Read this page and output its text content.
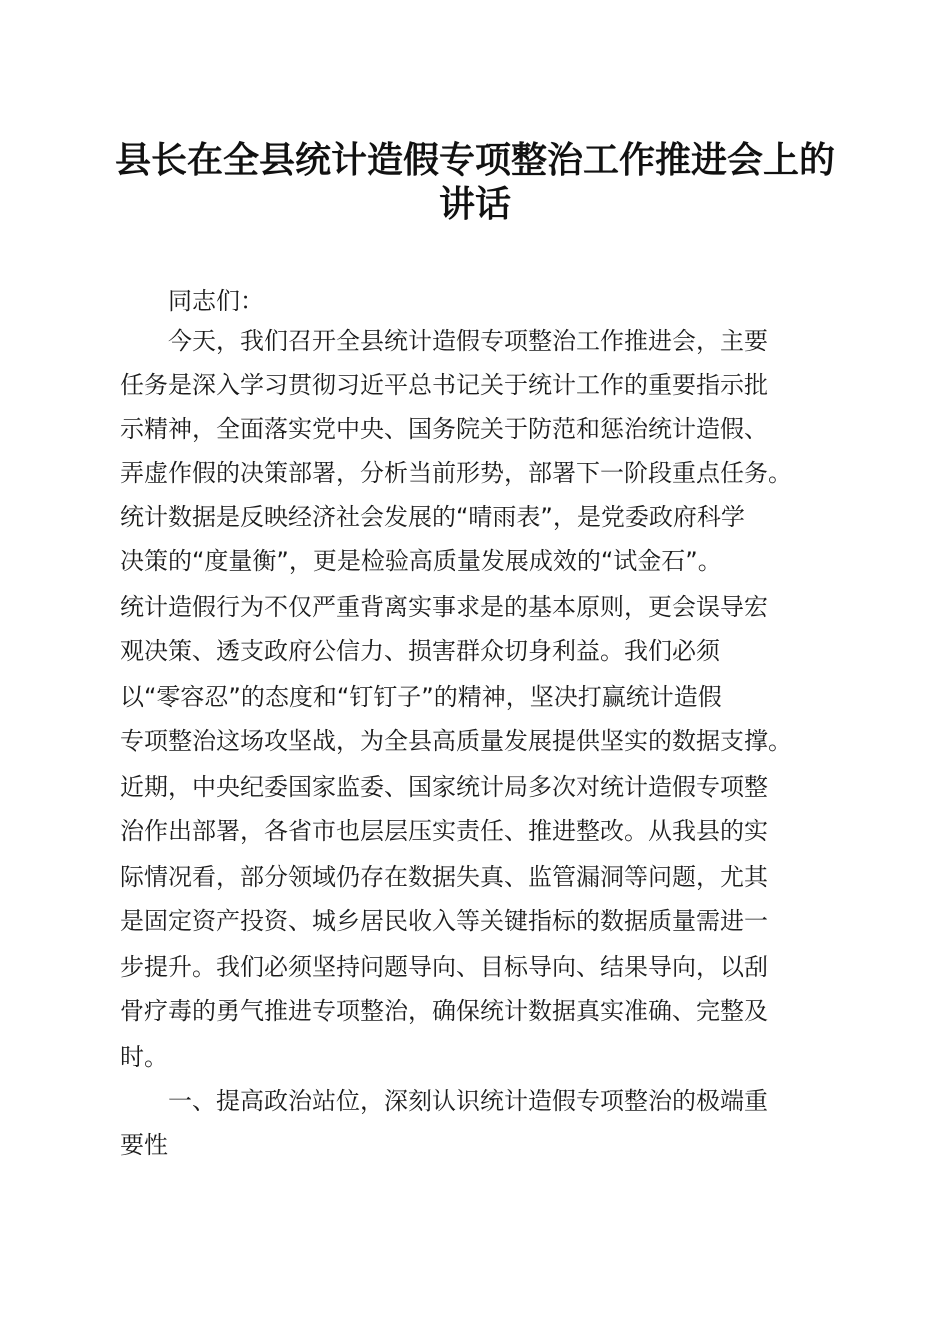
县长在全县统计造假专项整治工作推进会上的
讲话
同志们：
今天，我们召开全县统计造假专项整治工作推进会，主要
任务是深入学习贯彻习近平总书记关于统计工作的重要指示批
示精神，全面落实党中央、国务院关于防范和惩治统计造假、
弄虚作假的决策部署，分析当前形势，部署下一阶段重点任务。
统计数据是反映经济社会发展的“晴雨表”，是党委政府科学
决策的“度量衡”，更是检验高质量发展成效的“试金石”。
统计造假行为不仅严重背离实事求是的基本原则，更会误导宏
观决策、透支政府公信力、损害群众切身利益。我们必须
以“零容忍”的态度和“钉钉子”的精神，坚决打赢统计造假
专项整治这场攻坚战，为全县高质量发展提供坚实的数据支撑。
近期，中央纪委国家监委、国家统计局多次对统计造假专项整
治作出部署，各省市也层层压实责任、推进整改。从我县的实
际情况看，部分领域仍存在数据失真、监管漏洞等问题，尤其
是固定资产投资、城乡居民收入等关键指标的数据质量需进一
步提升。我们必须坚持问题导向、目标导向、结果导向，以刮
骨疗毒的勇气推进专项整治，确保统计数据真实准确、完整及
时。
一、提高政治站位，深刻认识统计造假专项整治的极端重
要性
